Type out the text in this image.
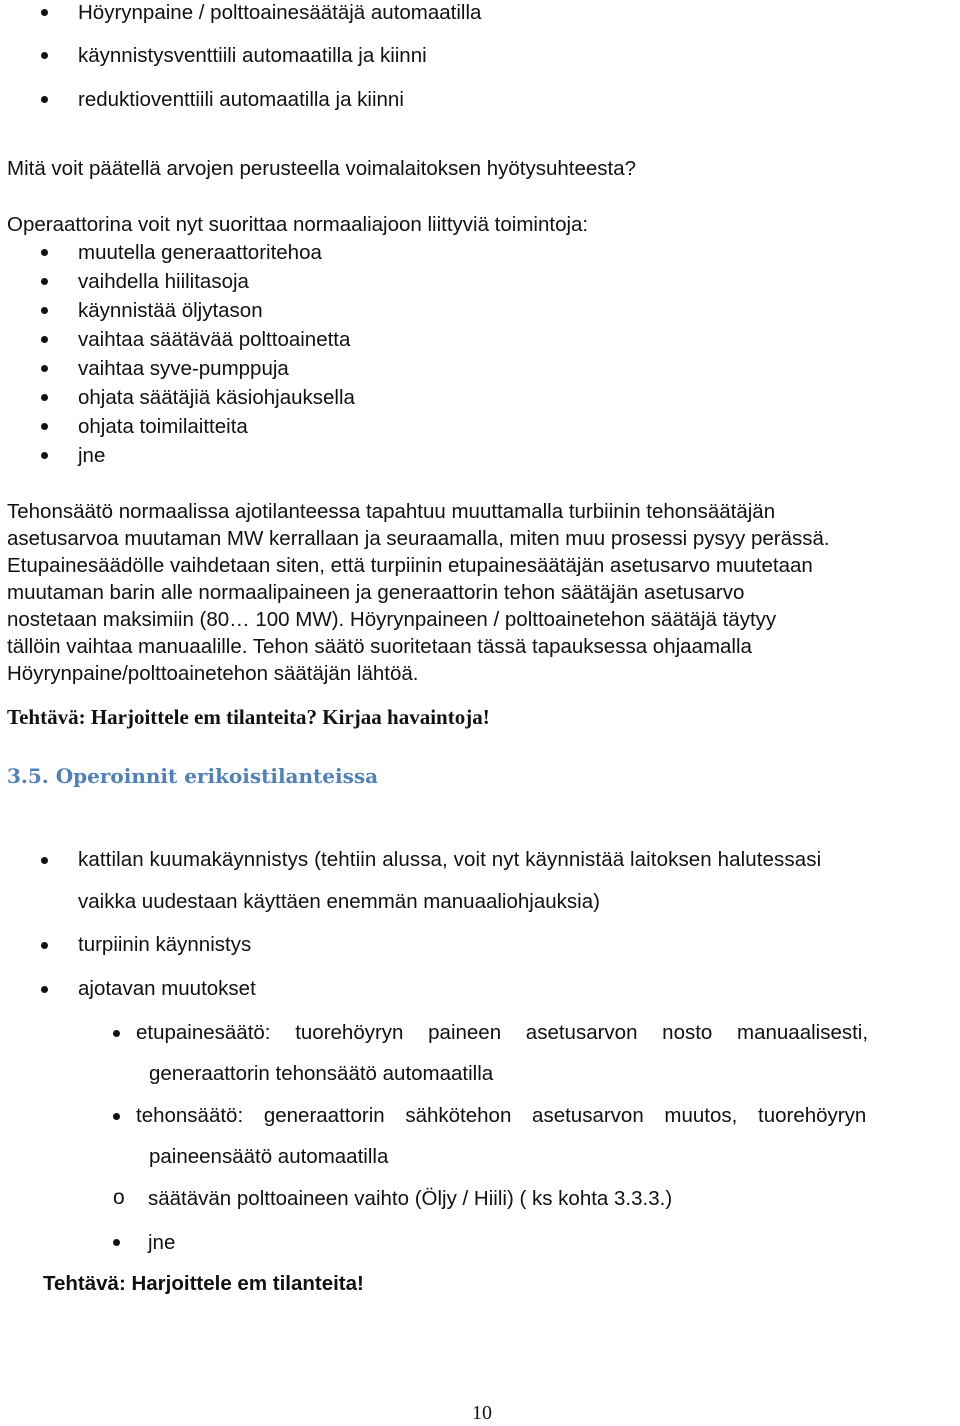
Höyrynpaine / polttoainesäätäjä automaatilla
käynnistysventtiili automaatilla ja kiinni
reduktioventtiili automaatilla ja kiinni
Mitä voit päätellä arvojen perusteella voimalaitoksen hyötysuhteesta?
Operaattorina voit nyt suorittaa normaaliajoon liittyviä toimintoja:
muutella generaattoritehoa
vaihdella hiilitasoja
käynnistää öljytason
vaihtaa säätävää polttoainetta
vaihtaa syve-pumppuja
ohjata säätäjiä käsiohjauksella
ohjata toimilaitteita
jne
Tehonsäätö normaalissa ajotilanteessa tapahtuu muuttamalla turbiinin tehonsäätäjän
asetusarvoa muutaman MW kerrallaan ja seuraamalla, miten muu prosessi pysyy perässä.
Etupainesäädölle vaihdetaan siten, että turpiinin etupainesäätäjän asetusarvo muutetaan
muutaman barin alle normaalipaineen ja generaattorin tehon säätäjän asetusarvo
nostetaan maksimiin (80… 100 MW). Höyrynpaineen / polttoainetehon säätäjä täytyy
tällöin vaihtaa manuaalille. Tehon säätö suoritetaan tässä tapauksessa ohjaamalla
Höyrynpaine/polttoainetehon säätäjän lähtöä.
Tehtävä: Harjoittele em tilanteita? Kirjaa havaintoja!
3.5. Operoinnit erikoistilanteissa
kattilan kuumakäynnistys (tehtiin alussa, voit nyt käynnistää laitoksen halutessasi
vaikka uudestaan käyttäen enemmän manuaaliohjauksia)
turpiinin käynnistys
ajotavan muutokset
etupainesäätö: tuorehöyryn paineen asetusarvon nosto manuaalisesti,
generaattorin tehonsäätö automaatilla
tehonsäätö: generaattorin sähkötehon asetusarvon muutos, tuorehöyryn
paineensäätö automaatilla
o säätävän polttoaineen vaihto (Öljy / Hiili) ( ks kohta 3.3.3.)
jne
Tehtävä: Harjoittele em tilanteita!
10
